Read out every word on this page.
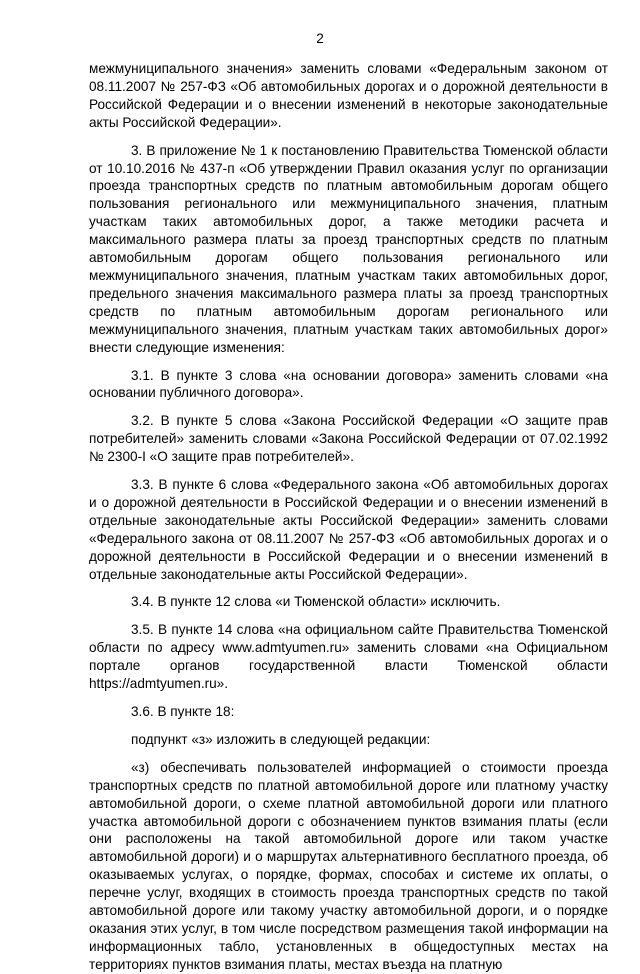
2

межмуниципального значения» заменить словами «Федеральным законом от 08.11.2007 № 257-ФЗ «Об автомобильных дорогах и о дорожной деятельности в Российской Федерации и о внесении изменений в некоторые законодательные акты Российской Федерации».

3. В приложение № 1 к постановлению Правительства Тюменской области от 10.10.2016 № 437-п «Об утверждении Правил оказания услуг по организации проезда транспортных средств по платным автомобильным дорогам общего пользования регионального или межмуниципального значения, платным участкам таких автомобильных дорог, а также методики расчета и максимального размера платы за проезд транспортных средств по платным автомобильным дорогам общего пользования регионального или межмуниципального значения, платным участкам таких автомобильных дорог, предельного значения максимального размера платы за проезд транспортных средств по платным автомобильным дорогам регионального или межмуниципального значения, платным участкам таких автомобильных дорог» внести следующие изменения:

3.1. В пункте 3 слова «на основании договора» заменить словами «на основании публичного договора».

3.2. В пункте 5 слова «Закона Российской Федерации «О защите прав потребителей» заменить словами «Закона Российской Федерации от 07.02.1992 № 2300-I «О защите прав потребителей».

3.3. В пункте 6 слова «Федерального закона «Об автомобильных дорогах и о дорожной деятельности в Российской Федерации и о внесении изменений в отдельные законодательные акты Российской Федерации» заменить словами «Федерального закона от 08.11.2007 № 257-ФЗ «Об автомобильных дорогах и о дорожной деятельности в Российской Федерации и о внесении изменений в отдельные законодательные акты Российской Федерации».

3.4. В пункте 12 слова «и Тюменской области» исключить.

3.5. В пункте 14 слова «на официальном сайте Правительства Тюменской области по адресу www.admtyumen.ru» заменить словами «на Официальном портале органов государственной власти Тюменской области https://admtyumen.ru».

3.6. В пункте 18:

подпункт «з» изложить в следующей редакции:

«з) обеспечивать пользователей информацией о стоимости проезда транспортных средств по платной автомобильной дороге или платному участку автомобильной дороги, о схеме платной автомобильной дороги или платного участка автомобильной дороги с обозначением пунктов взимания платы (если они расположены на такой автомобильной дороге или таком участке автомобильной дороги) и о маршрутах альтернативного бесплатного проезда, об оказываемых услугах, о порядке, формах, способах и системе их оплаты, о перечне услуг, входящих в стоимость проезда транспортных средств по такой автомобильной дороге или такому участку автомобильной дороги, и о порядке оказания этих услуг, в том числе посредством размещения такой информации на информационных табло, установленных в общедоступных местах на территориях пунктов взимания платы, местах въезда на платную
